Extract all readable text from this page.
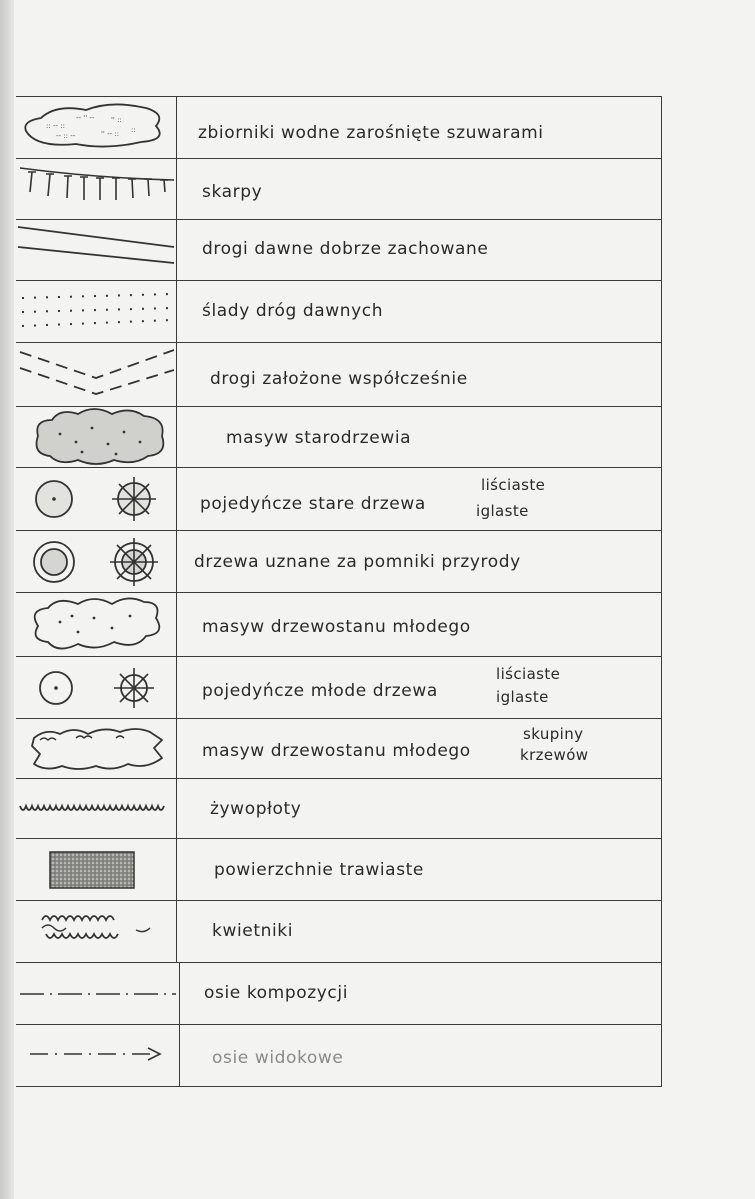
:: -- ::
-- '' -- '' ::
-- :: --	'' -- :: ::	zbiorniki wodne zarośnięte szuwarami
skarpy
drogi dawne dobrze zachowane
ślady dróg dawnych
drogi założone współcześnie
masyw starodrzewia
pojedyńcze stare drzewa
liściaste
iglaste
drzewa uznane za pomniki przyrody
masyw drzewostanu młodego
pojedyńcze młode drzewa
liściaste
iglaste
masyw drzewostanu młodego
skupiny
krzewów
żywopłoty
powierzchnie trawiaste
kwietniki
osie kompozycji
osie widokowe
